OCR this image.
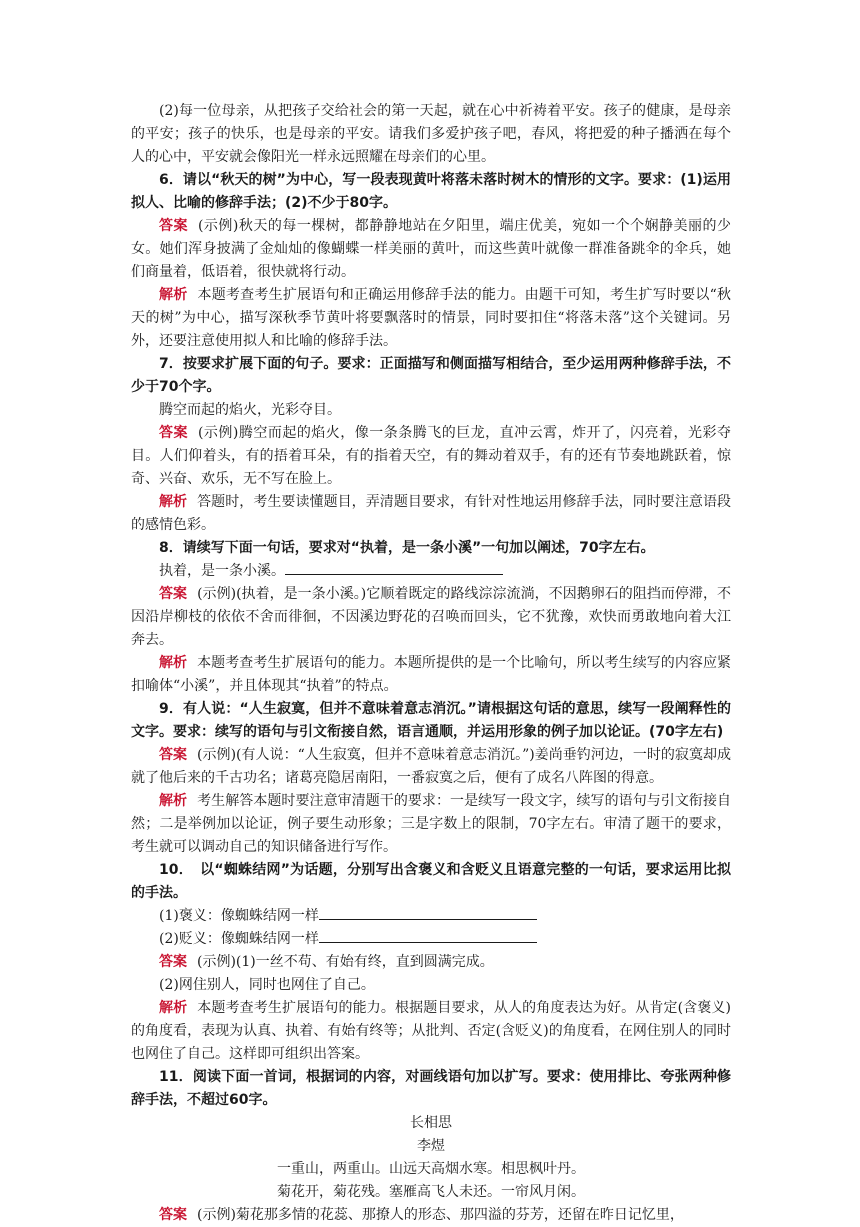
(2)每一位母亲，从把孩子交给社会的第一天起，就在心中祈祷着平安。孩子的健康，是母亲的平安；孩子的快乐，也是母亲的平安。请我们多爱护孩子吧，春风，将把爱的种子播洒在每个人的心中，平安就会像阳光一样永远照耀在母亲们的心里。

6．请以“秋天的树”为中心，写一段表现黄叶将落未落时树木的情形的文字。要求：(1)运用拟人、比喻的修辞手法；(2)不少于80字。

答案 (示例)秋天的每一棵树，都静静地站在夕阳里，端庄优美，宛如一个个娴静美丽的少女。她们浑身披满了金灿灿的像蝴蝶一样美丽的黄叶，而这些黄叶就像一群准备跳伞的伞兵，她们商量着，低语着，很快就将行动。

解析 本题考查考生扩展语句和正确运用修辞手法的能力。由题干可知，考生扩写时要以“秋天的树”为中心，描写深秋季节黄叶将要飘落时的情景，同时要扣住“将落未落”这个关键词。另外，还要注意使用拟人和比喻的修辞手法。

7．按要求扩展下面的句子。要求：正面描写和侧面描写相结合，至少运用两种修辞手法，不少于70个字。

腾空而起的焰火，光彩夺目。

答案 (示例)腾空而起的焰火，像一条条腾飞的巨龙，直冲云霄，炸开了，闪亮着，光彩夺目。人们仰着头，有的捂着耳朵，有的指着天空，有的舞动着双手，有的还有节奏地跳跃着，惊奇、兴奋、欢乐，无不写在脸上。

解析 答题时，考生要读懂题目，弄清题目要求，有针对性地运用修辞手法，同时要注意语段的感情色彩。

8．请续写下面一句话，要求对“执着，是一条小溪”一句加以阐述，70字左右。

执着，是一条小溪。

答案 (示例)(执着，是一条小溪。)它顺着既定的路线淙淙流淌，不因鹅卵石的阻挡而停滞，不因沿岸柳枝的依依不舍而徘徊，不因溪边野花的召唤而回头，它不犹豫，欢快而勇敢地向着大江奔去。

解析 本题考查考生扩展语句的能力。本题所提供的是一个比喻句，所以考生续写的内容应紧扣喻体“小溪”，并且体现其“执着”的特点。

9．有人说：“人生寂寞，但并不意味着意志消沉。”请根据这句话的意思，续写一段阐释性的文字。要求：续写的语句与引文衔接自然，语言通顺，并运用形象的例子加以论证。(70字左右)

答案 (示例)(有人说：“人生寂寞，但并不意味着意志消沉。”)姜尚垂钓河边，一时的寂寞却成就了他后来的千古功名；诸葛亮隐居南阳，一番寂寞之后，便有了成名八阵图的得意。

解析 考生解答本题时要注意审清题干的要求：一是续写一段文字，续写的语句与引文衔接自然；二是举例加以论证，例子要生动形象；三是字数上的限制，70字左右。审清了题干的要求，考生就可以调动自己的知识储备进行写作。

10．　以“蜘蛛结网”为话题，分别写出含褒义和含贬义且语意完整的一句话，要求运用比拟的手法。

(1)褒义：像蜘蛛结网一样

(2)贬义：像蜘蛛结网一样

答案 (示例)(1)一丝不苟、有始有终，直到圆满完成。

(2)网住别人，同时也网住了自己。

解析 本题考查考生扩展语句的能力。根据题目要求，从人的角度表达为好。从肯定(含褒义)的角度看，表现为认真、执着、有始有终等；从批判、否定(含贬义)的角度看，在网住别人的同时也网住了自己。这样即可组织出答案。

11．阅读下面一首词，根据词的内容，对画线语句加以扩写。要求：使用排比、夸张两种修辞手法，不超过60字。

长相思

李煜

一重山，两重山。山远天高烟水寒。相思枫叶丹。

菊花开，菊花残。塞雁高飞人未还。一帘风月闲。

答案 (示例)菊花那多情的花蕊、那撩人的形态、那四溢的芬芳，还留在昨日记忆里，
